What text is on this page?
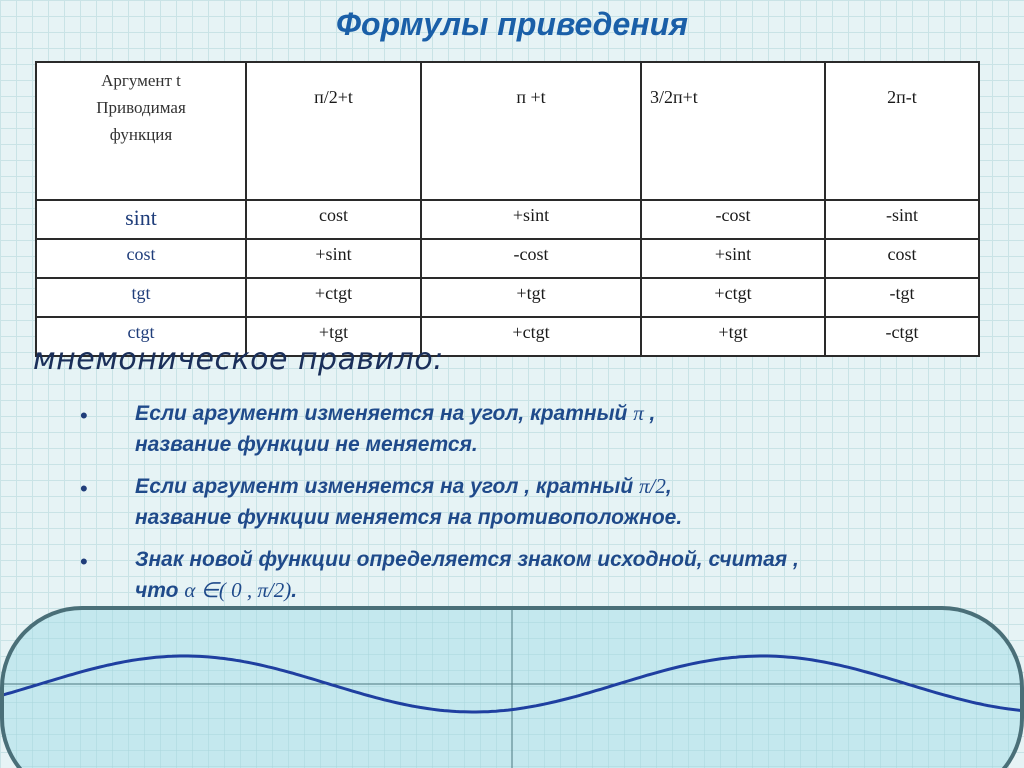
Формулы приведения
Аргумент t
Приводимая
функция	п/2+t	п +t	3/2п+t	2п-t
sint	cost	+sint	-cost	-sint
cost	+sint	-cost	+sint	cost
tgt	+ctgt	+tgt	+ctgt	-tgt
ctgt	+tgt	+ctgt	+tgt	-ctgt
мнемоническое правило:
• Если аргумент изменяется на угол, кратный π ,
название функции не меняется.
• Если аргумент изменяется на угол , кратный π/2,
название функции меняется на противоположное.
• Знак новой функции определяется знаком исходной, считая ,
что α ∈( 0 , π/2).
